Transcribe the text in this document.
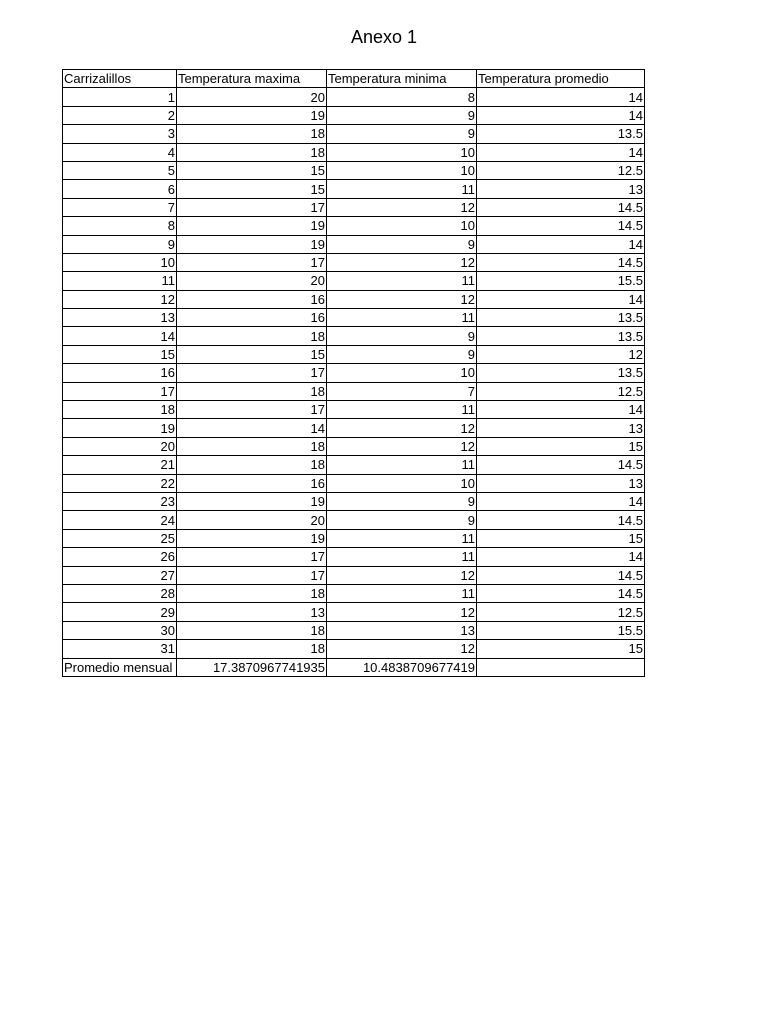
Anexo 1
Carrizalillos	Temperatura maxima	Temperatura minima	Temperatura promedio
1	20	8	14
2	19	9	14
3	18	9	13.5
4	18	10	14
5	15	10	12.5
6	15	11	13
7	17	12	14.5
8	19	10	14.5
9	19	9	14
10	17	12	14.5
11	20	11	15.5
12	16	12	14
13	16	11	13.5
14	18	9	13.5
15	15	9	12
16	17	10	13.5
17	18	7	12.5
18	17	11	14
19	14	12	13
20	18	12	15
21	18	11	14.5
22	16	10	13
23	19	9	14
24	20	9	14.5
25	19	11	15
26	17	11	14
27	17	12	14.5
28	18	11	14.5
29	13	12	12.5
30	18	13	15.5
31	18	12	15
Promedio mensual	17.3870967741935	10.4838709677419	
